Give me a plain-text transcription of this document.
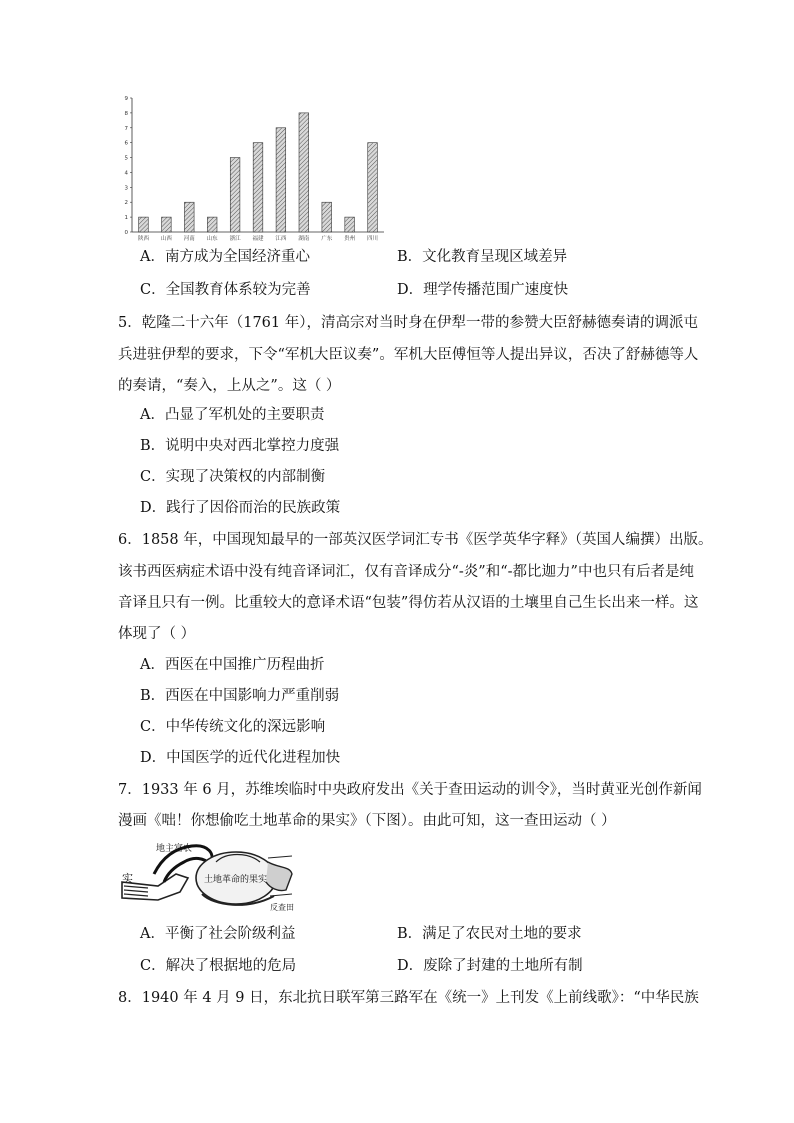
0
1
2
3
4
5
6
7
8
9
陕西 山西 河南 山东 浙江 福建 江西 湖南 广东 贵州 四川
A．南方成为全国经济重心	B．文化教育呈现区域差异
C．全国教育体系较为完善	D．理学传播范围广速度快
5．乾隆二十六年（1761 年），清高宗对当时身在伊犁一带的参赞大臣舒赫德奏请的调派屯
兵进驻伊犁的要求，下令“军机大臣议奏”。军机大臣傅恒等人提出异议，否决了舒赫德等人
的奏请，“奏入，上从之”。这（ ）
A．凸显了军机处的主要职责
B．说明中央对西北掌控力度强
C．实现了决策权的内部制衡
D．践行了因俗而治的民族政策
6．1858 年，中国现知最早的一部英汉医学词汇专书《医学英华字释》（英国人编撰）出版。
该书西医病症术语中没有纯音译词汇，仅有音译成分“-炎”和“-都比迦力”中也只有后者是纯
音译且只有一例。比重较大的意译术语“包装”得仿若从汉语的土壤里自己生长出来一样。这
体现了（ ）
A．西医在中国推广历程曲折
B．西医在中国影响力严重削弱
C．中华传统文化的深远影响
D．中国医学的近代化进程加快
7．1933 年 6 月，苏维埃临时中央政府发出《关于查田运动的训令》，当时黄亚光创作新闻
漫画《咄！你想偷吃土地革命的果实》（下图）。由此可知，这一查田运动（ ）
地主富农
土地革命的果实
实
反查田
A．平衡了社会阶级利益	B．满足了农民对土地的要求
C．解决了根据地的危局	D．废除了封建的土地所有制
8．1940 年 4 月 9 日，东北抗日联军第三路军在《统一》上刊发《上前线歌》：“中华民族
